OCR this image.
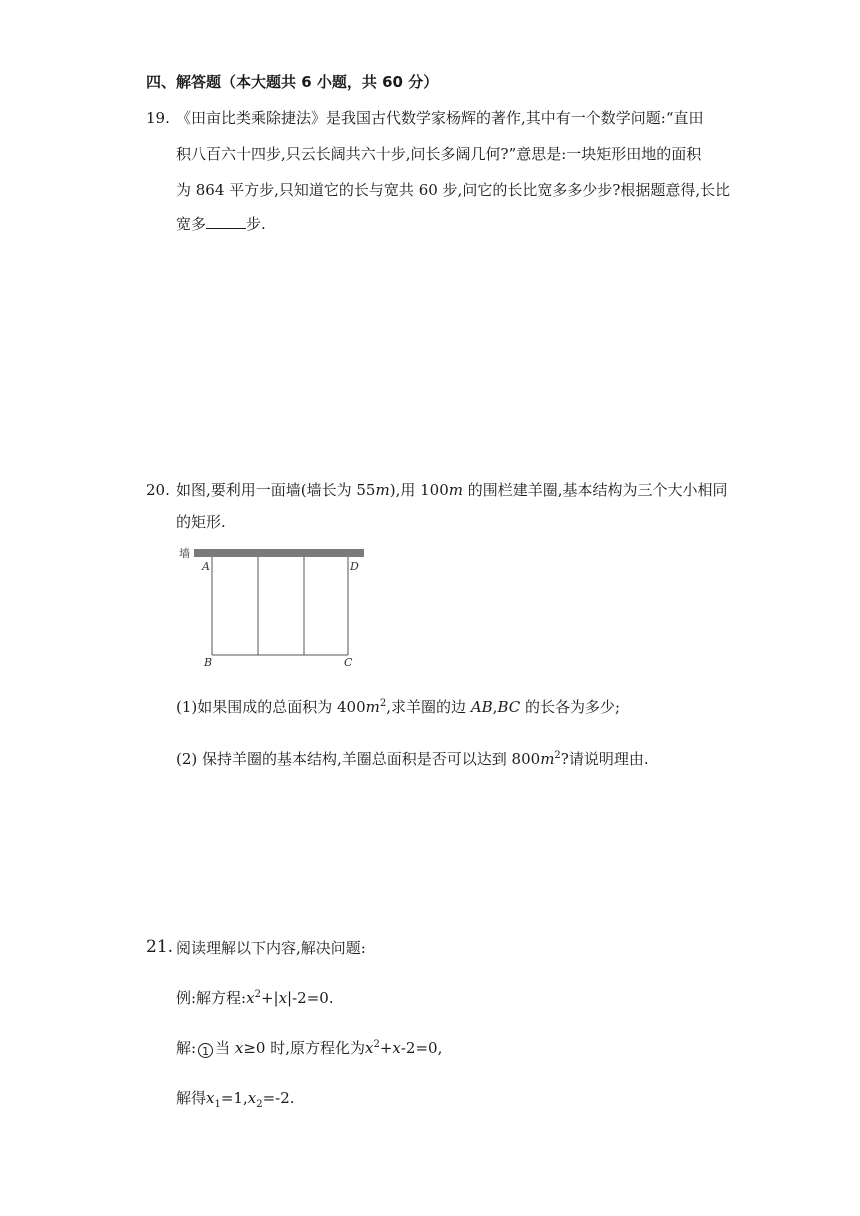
四、解答题（本大题共 6 小题，共 60 分）
19. 《田亩比类乘除捷法》是我国古代数学家杨辉的著作,其中有一个数学问题:“直田
积八百六十四步,只云长阔共六十步,问长多阔几何?”意思是:一块矩形田地的面积
为 864 平方步,只知道它的长与宽共 60 步,问它的长比宽多多少步?根据题意得,长比
宽多	步.
20. 如图,要利用一面墙(墙长为 55m),用 100m 的围栏建羊圈,基本结构为三个大小相同
的矩形.
墙
A	D
B	C
(1)如果围成的总面积为 $400m^2$,求羊圈的边 AB,BC 的长各为多少;
(2) 保持羊圈的基本结构,羊圈总面积是否可以达到 $800m^2$?请说明理由.
21. 阅读理解以下内容,解决问题:
例:解方程$:x^2+|x|-2=0$.
解: 1 当 x≥0 时,原方程化为$x^2+x-2=0$,
解得$x_1=1,x_2=-2$.
